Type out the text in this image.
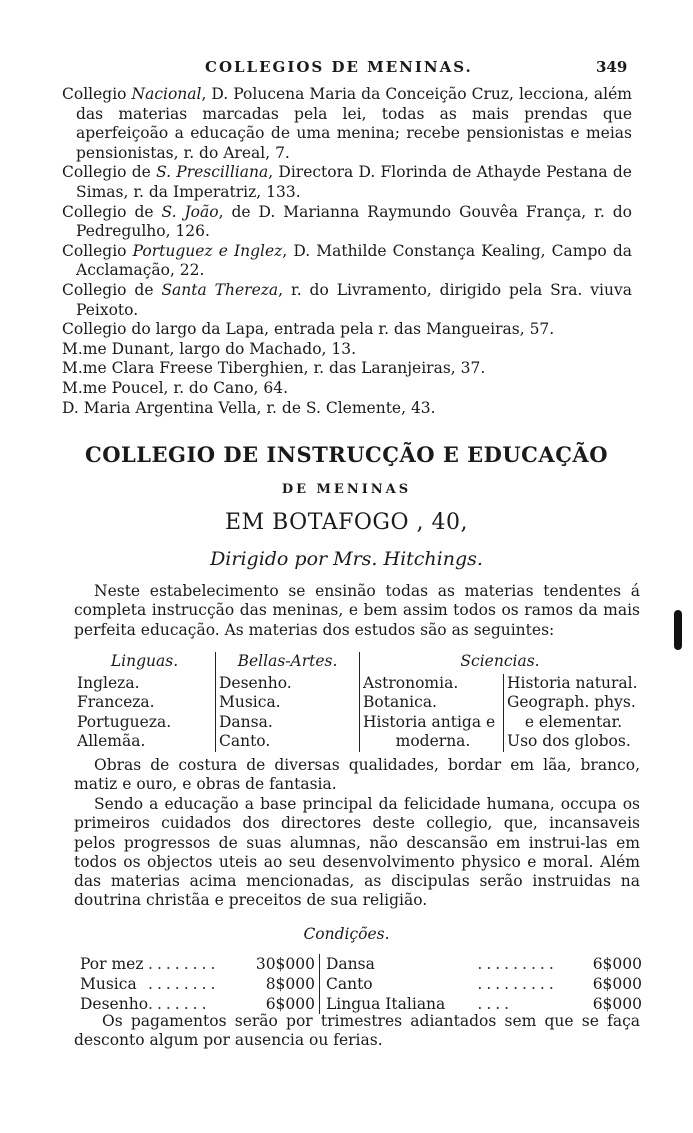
COLLEGIOS DE MENINAS.	349
Collegio Nacional, D. Polucena Maria da Conceição Cruz, lecciona, além das materias marcadas pela lei, todas as mais prendas que aperfeiçoão a educação de uma menina; recebe pensionistas e meias pensionistas, r. do Areal, 7.
Collegio de S. Prescilliana, Directora D. Florinda de Athayde Pestana de Simas, r. da Imperatriz, 133.
Collegio de S. João, de D. Marianna Raymundo Gouvêa França, r. do Pedregulho, 126.
Collegio Portuguez e Inglez, D. Mathilde Constança Kealing, Campo da Acclamação, 22.
Collegio de Santa Thereza, r. do Livramento, dirigido pela Sra. viuva Peixoto.
Collegio do largo da Lapa, entrada pela r. das Mangueiras, 57.
M.me Dunant, largo do Machado, 13.
M.me Clara Freese Tiberghien, r. das Laranjeiras, 37.
M.me Poucel, r. do Cano, 64.
D. Maria Argentina Vella, r. de S. Clemente, 43.
COLLEGIO DE INSTRUCÇÃO E EDUCAÇÃO
DE MENINAS
EM BOTAFOGO , 40,
Dirigido por Mrs. Hitchings.
Neste estabelecimento se ensinão todas as materias tendentes á completa instrucção das meninas, e bem assim todos os ramos da mais perfeita educação. As materias dos estudos são as seguintes:
Linguas.	Bellas-Artes.	Sciencias.	
Ingleza.	Desenho.	Astronomia.	Historia natural.
Franceza.	Musica.	Botanica.	Geograph. phys.
Portugueza.	Dansa.	Historia antiga e	e elementar.
Allemãa.	Canto.	moderna.	Uso dos globos.
Obras de costura de diversas qualidades, bordar em lãa, branco, matiz e ouro, e obras de fantasia.
Sendo a educação a base principal da felicidade humana, occupa os primeiros cuidados dos directores deste collegio, que, incansaveis pelos progressos de suas alumnas, não descansão em instrui-las em todos os objectos uteis ao seu desenvolvimento physico e moral. Além das materias acima mencionadas, as discipulas serão instruidas na doutrina christãa e preceitos de sua religião.
Condições.
Por mez	........	30$000		Dansa	.........	6$000
Musica	........	8$000		Canto	.........	6$000
Desenho	.......	6$000		Lingua Italiana	....	6$000
Os pagamentos serão por trimestres adiantados sem que se faça desconto algum por ausencia ou ferias.
